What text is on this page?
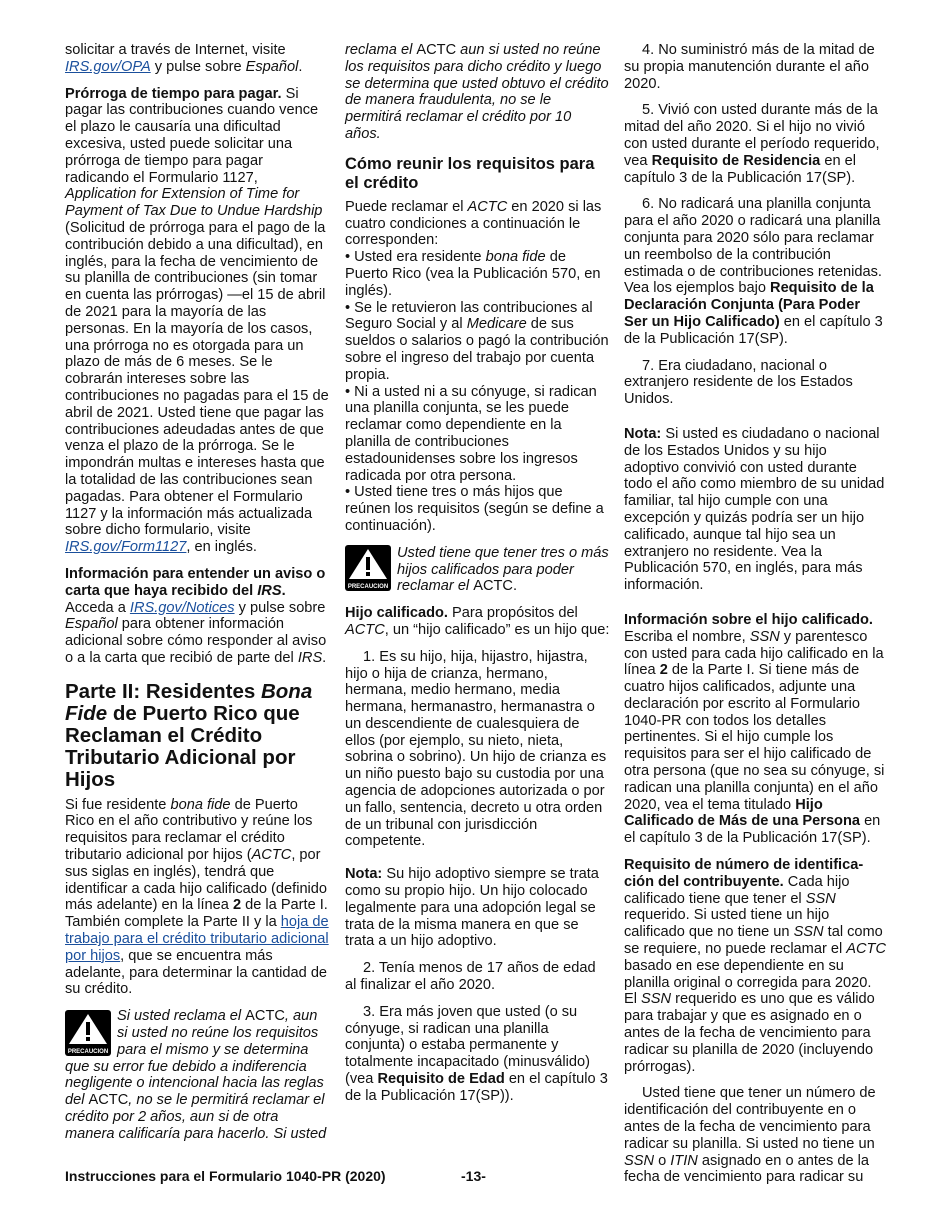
solicitar a través de Internet, visite IRS.gov/OPA y pulse sobre Español.

Prórroga de tiempo para pagar. Si pagar las contribuciones cuando vence el plazo le causaría una dificultad excesiva, usted puede solicitar una prórroga de tiempo para pagar radicando el Formulario 1127, Application for Extension of Time for Payment of Tax Due to Undue Hardship (Solicitud de prórroga para el pago de la contribución debido a una dificultad), en inglés, para la fecha de vencimiento de su planilla de contribuciones (sin tomar en cuenta las prórrogas) —el 15 de abril de 2021 para la mayoría de las personas. En la mayoría de los casos, una prórroga no es otorgada para un plazo de más de 6 meses. Se le cobrarán intereses sobre las contribuciones no pagadas para el 15 de abril de 2021. Usted tiene que pagar las contribuciones adeudadas antes de que venza el plazo de la prórroga. Se le impondrán multas e intereses hasta que la totalidad de las contribuciones sean pagadas. Para obtener el Formulario 1127 y la información más actualizada sobre dicho formulario, visite IRS.gov/Form1127, en inglés.

Información para entender un aviso o carta que haya recibido del IRS. Acceda a IRS.gov/Notices y pulse sobre Español para obtener información adicional sobre cómo responder al aviso o a la carta que recibió de parte del IRS.

Parte II: Residentes Bona Fide de Puerto Rico que Reclaman el Crédito Tributario Adicional por Hijos

Si fue residente bona fide de Puerto Rico en el año contributivo y reúne los requisitos para reclamar el crédito tributario adicional por hijos (ACTC, por sus siglas en inglés), tendrá que identificar a cada hijo calificado (definido más adelante) en la línea 2 de la Parte I. También complete la Parte II y la hoja de trabajo para el crédito tributario adicional por hijos, que se encuentra más adelante, para determinar la cantidad de su crédito.

PRECAUCION
Si usted reclama el ACTC, aun si usted no reúne los requisitos para el mismo y se determina que su error fue debido a indiferencia negligente o intencional hacia las reglas del ACTC, no se le permitirá reclamar el crédito por 2 años, aun si de otra manera calificaría para hacerlo. Si usted

reclama el ACTC aun si usted no reúne los requisitos para dicho crédito y luego se determina que usted obtuvo el crédito de manera fraudulenta, no se le permitirá reclamar el crédito por 10 años.

Cómo reunir los requisitos para el crédito

Puede reclamar el ACTC en 2020 si las cuatro condiciones a continuación le corresponden:

• Usted era residente bona fide de Puerto Rico (vea la Publicación 570, en inglés).

• Se le retuvieron las contribuciones al Seguro Social y al Medicare de sus sueldos o salarios o pagó la contribución sobre el ingreso del trabajo por cuenta propia.

• Ni a usted ni a su cónyuge, si radican una planilla conjunta, se les puede reclamar como dependiente en la planilla de contribuciones estadounidenses sobre los ingresos radicada por otra persona.

• Usted tiene tres o más hijos que reúnen los requisitos (según se define a continuación).

PRECAUCION
Usted tiene que tener tres o más hijos calificados para poder reclamar el ACTC.

Hijo calificado. Para propósitos del ACTC, un “hijo calificado” es un hijo que:

1. Es su hijo, hija, hijastro, hijastra, hijo o hija de crianza, hermano, hermana, medio hermano, media hermana, hermanastro, hermanastra o un descendiente de cualesquiera de ellos (por ejemplo, su nieto, nieta, sobrina o sobrino). Un hijo de crianza es un niño puesto bajo su custodia por una agencia de adopciones autorizada o por un fallo, sentencia, decreto u otra orden de un tribunal con jurisdicción competente.

Nota: Su hijo adoptivo siempre se trata como su propio hijo. Un hijo colocado legalmente para una adopción legal se trata de la misma manera en que se trata a un hijo adoptivo.

2. Tenía menos de 17 años de edad al finalizar el año 2020.

3. Era más joven que usted (o su cónyuge, si radican una planilla conjunta) o estaba permanente y totalmente incapacitado (minusválido) (vea Requisito de Edad en el capítulo 3 de la Publicación 17(SP)).

4. No suministró más de la mitad de su propia manutención durante el año 2020.

5. Vivió con usted durante más de la mitad del año 2020. Si el hijo no vivió con usted durante el período requerido, vea Requisito de Residencia en el capítulo 3 de la Publicación 17(SP).

6. No radicará una planilla conjunta para el año 2020 o radicará una planilla conjunta para 2020 sólo para reclamar un reembolso de la contribución estimada o de contribuciones retenidas. Vea los ejemplos bajo Requisito de la Declaración Conjunta (Para Poder Ser un Hijo Calificado) en el capítulo 3 de la Publicación 17(SP).

7. Era ciudadano, nacional o extranjero residente de los Estados Unidos.

Nota: Si usted es ciudadano o nacional de los Estados Unidos y su hijo adoptivo convivió con usted durante todo el año como miembro de su unidad familiar, tal hijo cumple con una excepción y quizás podría ser un hijo calificado, aunque tal hijo sea un extranjero no residente. Vea la Publicación 570, en inglés, para más información.

Información sobre el hijo calificado. Escriba el nombre, SSN y parentesco con usted para cada hijo calificado en la línea 2 de la Parte I. Si tiene más de cuatro hijos calificados, adjunte una declaración por escrito al Formulario 1040-PR con todos los detalles pertinentes. Si el hijo cumple los requisitos para ser el hijo calificado de otra persona (que no sea su cónyuge, si radican una planilla conjunta) en el año 2020, vea el tema titulado Hijo Calificado de Más de una Persona en el capítulo 3 de la Publicación 17(SP).

Requisito de número de identificación del contribuyente. Cada hijo calificado tiene que tener el SSN requerido. Si usted tiene un hijo calificado que no tiene un SSN tal como se requiere, no puede reclamar el ACTC basado en ese dependiente en su planilla original o corregida para 2020. El SSN requerido es uno que es válido para trabajar y que es asignado en o antes de la fecha de vencimiento para radicar su planilla de 2020 (incluyendo prórrogas).

Usted tiene que tener un número de identificación del contribuyente en o antes de la fecha de vencimiento para radicar su planilla. Si usted no tiene un SSN o ITIN asignado en o antes de la fecha de vencimiento para radicar su

Instrucciones para el Formulario 1040-PR (2020)	-13-
